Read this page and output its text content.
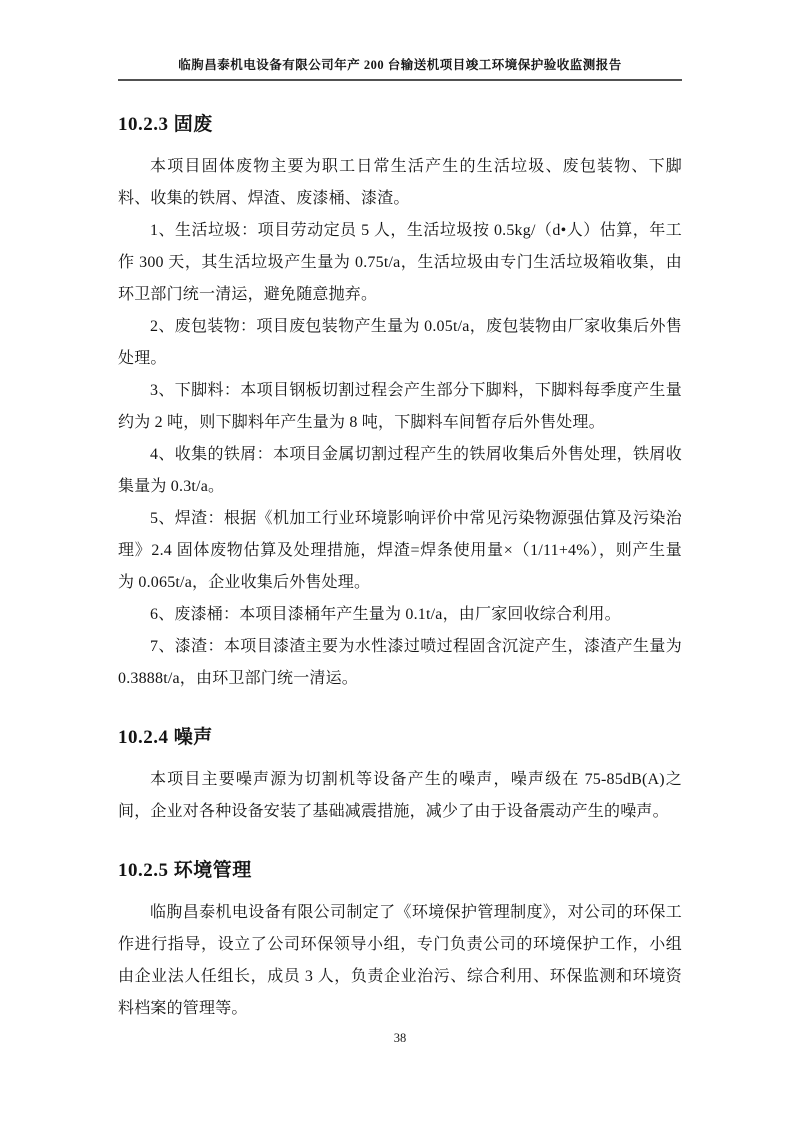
临朐昌泰机电设备有限公司年产 200 台输送机项目竣工环境保护验收监测报告
10.2.3 固废

本项目固体废物主要为职工日常生活产生的生活垃圾、废包装物、下脚料、收集的铁屑、焊渣、废漆桶、漆渣。

1、生活垃圾：项目劳动定员 5 人，生活垃圾按 0.5kg/（d•人）估算，年工作 300 天，其生活垃圾产生量为 0.75t/a，生活垃圾由专门生活垃圾箱收集，由环卫部门统一清运，避免随意抛弃。

2、废包装物：项目废包装物产生量为 0.05t/a，废包装物由厂家收集后外售处理。

3、下脚料：本项目钢板切割过程会产生部分下脚料，下脚料每季度产生量约为 2 吨，则下脚料年产生量为 8 吨，下脚料车间暂存后外售处理。

4、收集的铁屑：本项目金属切割过程产生的铁屑收集后外售处理，铁屑收集量为 0.3t/a。

5、焊渣：根据《机加工行业环境影响评价中常见污染物源强估算及污染治理》2.4 固体废物估算及处理措施，焊渣=焊条使用量×（1/11+4%），则产生量为 0.065t/a，企业收集后外售处理。

6、废漆桶：本项目漆桶年产生量为 0.1t/a，由厂家回收综合利用。

7、漆渣：本项目漆渣主要为水性漆过喷过程固含沉淀产生，漆渣产生量为 0.3888t/a，由环卫部门统一清运。

10.2.4 噪声

本项目主要噪声源为切割机等设备产生的噪声，噪声级在 75-85dB(A)之间，企业对各种设备安装了基础减震措施，减少了由于设备震动产生的噪声。

10.2.5 环境管理

临朐昌泰机电设备有限公司制定了《环境保护管理制度》，对公司的环保工作进行指导，设立了公司环保领导小组，专门负责公司的环境保护工作，小组由企业法人任组长，成员 3 人，负责企业治污、综合利用、环保监测和环境资料档案的管理等。

38
